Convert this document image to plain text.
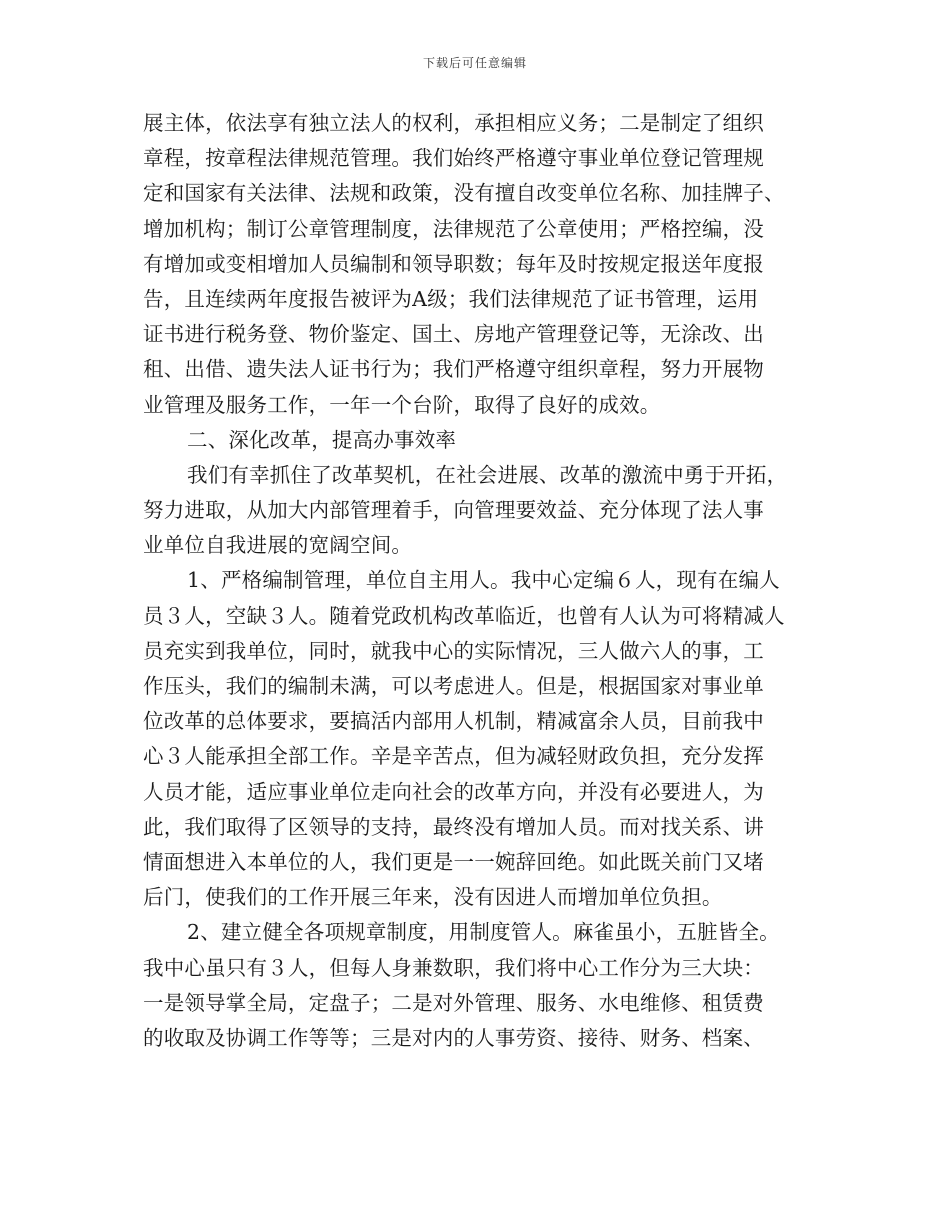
下载后可任意编辑
展主体，依法享有独立法人的权利，承担相应义务；二是制定了组织
章程，按章程法律规范管理。我们始终严格遵守事业单位登记管理规
定和国家有关法律、法规和政策，没有擅自改变单位名称、加挂牌子、
增加机构；制订公章管理制度，法律规范了公章使用；严格控编，没
有增加或变相增加人员编制和领导职数；每年及时按规定报送年度报
告，且连续两年度报告被评为A级；我们法律规范了证书管理，运用
证书进行税务登、物价鉴定、国土、房地产管理登记等，无涂改、出
租、出借、遗失法人证书行为；我们严格遵守组织章程，努力开展物
业管理及服务工作，一年一个台阶，取得了良好的成效。
二、深化改革，提高办事效率
我们有幸抓住了改革契机，在社会进展、改革的激流中勇于开拓，
努力进取，从加大内部管理着手，向管理要效益、充分体现了法人事
业单位自我进展的宽阔空间。
1、严格编制管理，单位自主用人。我中心定编６人，现有在编人
员３人，空缺３人。随着党政机构改革临近，也曾有人认为可将精减人
员充实到我单位，同时，就我中心的实际情况，三人做六人的事，工
作压头，我们的编制未满，可以考虑进人。但是，根据国家对事业单
位改革的总体要求，要搞活内部用人机制，精减富余人员，目前我中
心３人能承担全部工作。辛是辛苦点，但为减轻财政负担，充分发挥
人员才能，适应事业单位走向社会的改革方向，并没有必要进人，为
此，我们取得了区领导的支持，最终没有增加人员。而对找关系、讲
情面想进入本单位的人，我们更是一一婉辞回绝。如此既关前门又堵
后门，使我们的工作开展三年来，没有因进人而增加单位负担。
2、建立健全各项规章制度，用制度管人。麻雀虽小，五脏皆全。
我中心虽只有３人，但每人身兼数职，我们将中心工作分为三大块：
一是领导掌全局，定盘子；二是对外管理、服务、水电维修、租赁费
的收取及协调工作等等；三是对内的人事劳资、接待、财务、档案、
